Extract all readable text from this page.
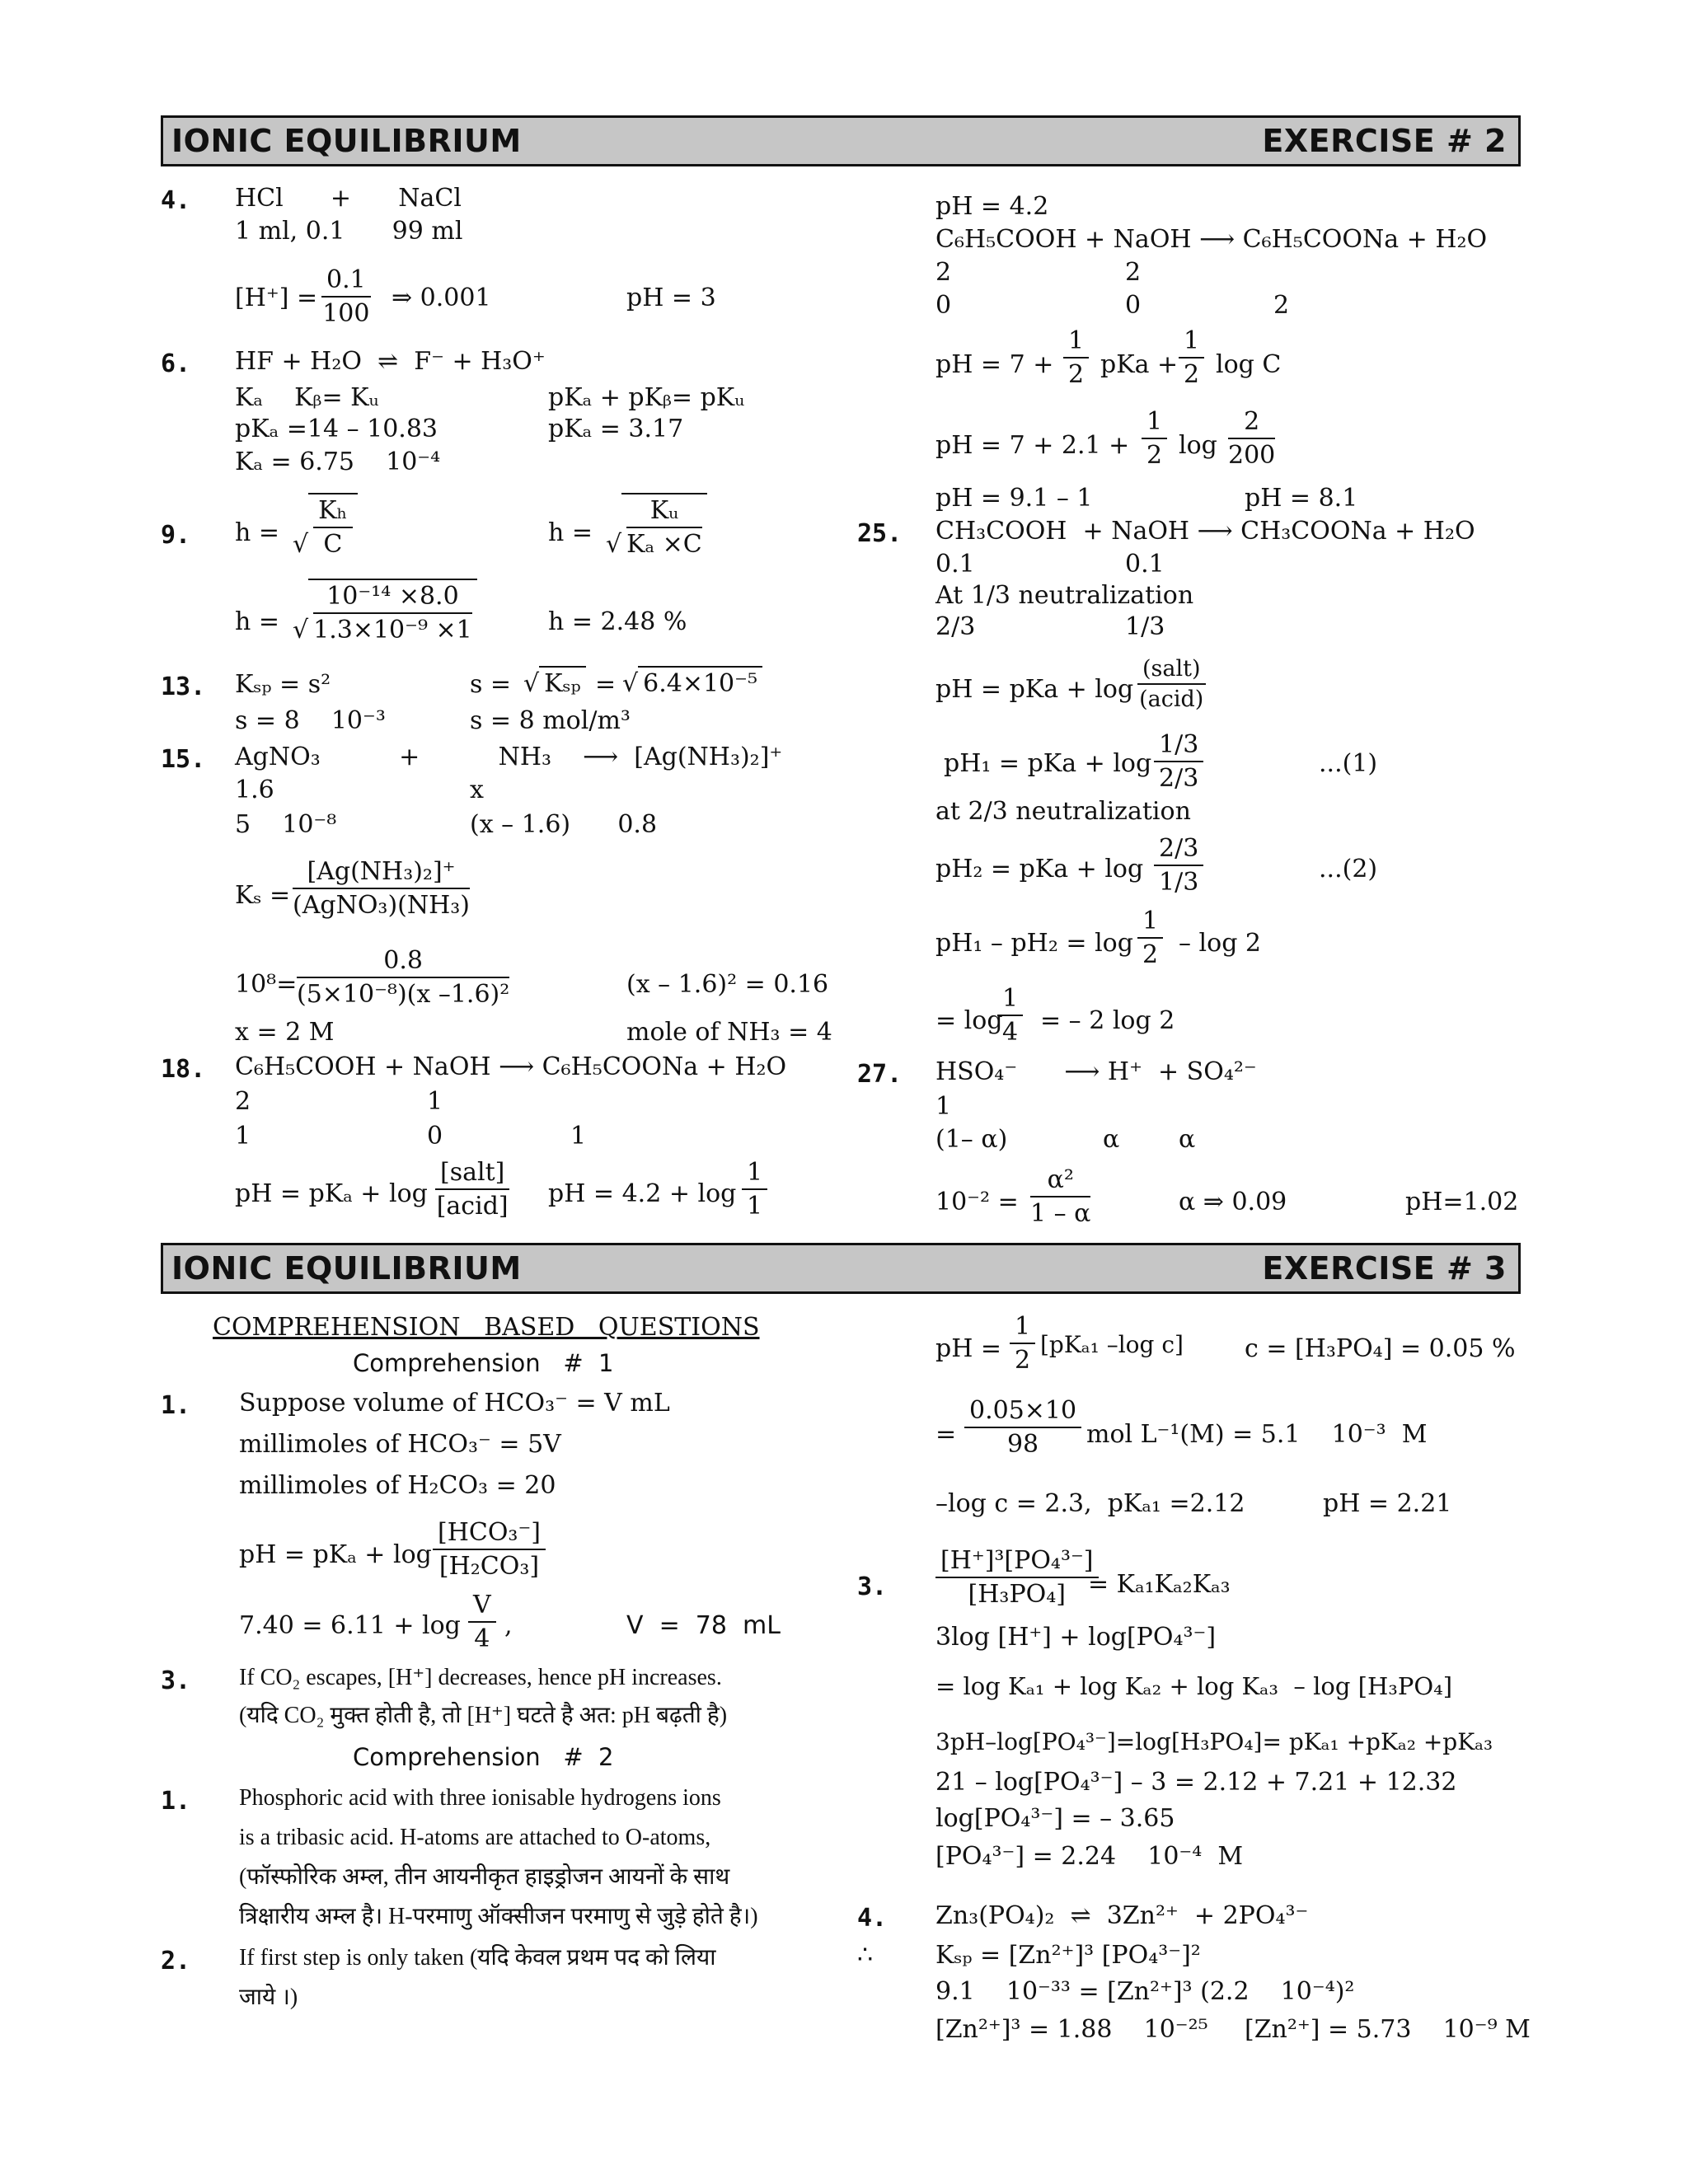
IONIC EQUILIBRIUM	EXERCISE # 2
4. HCl      +      NaCl
1 ml, 0.1      99 ml
$[H^+] = \frac{0.1}{100}$ ⇒ 0.001	pH = 3
6. HF + H₂O  ⇌  F⁻ + H₃O⁺
Kₐ    Kᵦ= Kᵤ	pKₐ + pKᵦ= pKᵤ
pKₐ =14 – 10.83	pKₐ = 3.17
Kₐ = 6.75    10⁻⁴
9. h = √ $\frac{\text{Kₕ}}{C}$	h = √ $\frac{\text{Kᵤ}}{\text{Kₐ ×C}}$
h = √ $\frac{\text{10⁻¹⁴ ×8.0}}{\text{1.3×10⁻⁹ ×1}}$	h = 2.48 %
13. Kₛₚ = s²	s = √ Kₛₚ = √ 6.4×10⁻⁵
s = 8    10⁻³	s = 8 mol/m³
15. AgNO₃          +          NH₃    ⟶  [Ag(NH₃)₂]⁺
1.6	x
5    10⁻⁸	(x – 1.6)      0.8
Kₛ =
[Ag(NH₃)₂]⁺
(AgNO₃)(NH₃)
$10^8= \frac{0.8}{\text{(5×10⁻⁸)(x –1.6)²}}$	(x – 1.6)² = 0.16
x = 2 M	mole of NH₃ = 4
18. C₆H₅COOH + NaOH ⟶ C₆H₅COONa + H₂O
2	1
1	0	1
pH = pKₐ + log
[salt]
[acid] pH = $4.2 + \log \frac{1}{1}$
pH = 4.2
C₆H₅COOH + NaOH ⟶ C₆H₅COONa + H₂O
2	2
0	0	2
pH = $7 + \frac{1}{2}$ pKa + $\frac{1}{2}$ log C
pH = $7 + 2.1 + \frac{1}{2}$ $\log \frac{2}{200}$
pH = 9.1 – 1	pH = 8.1
25. CH₃COOH  + NaOH ⟶ CH₃COONa + H₂O
0.1	0.1
At 1/3 neutralization
2/3	1/3
pH = pKa + log
(salt)
(acid)
pH₁ = pKa + $\log \frac{1/3}{2/3}$	...(1)
at 2/3 neutralization
pH₂ = pKa + $\log \frac{2/3}{1/3}$	...(2)
$pH_1 - pH_2 = \log \frac{1}{2} - \log 2$
= log
$\frac{1}{4}$ = – 2 log 2
27. HSO₄⁻      ⟶ H⁺  + SO₄²⁻
1
(1– α)	α α
$10^{-2} = \frac{\text{α²}}{1 - \alpha}$	α ⇒ 0.09	pH=1.02
IONIC EQUILIBRIUM	EXERCISE # 3
COMPREHENSION   BASED   QUESTIONS
Comprehension   #  1
1. Suppose volume of HCO₃⁻ = V mL
millimoles of HCO₃⁻ = 5V
millimoles of H₂CO₃ = 20
pH = pKₐ + log
[HCO₃⁻]
[H₂CO₃]
$7.40 = 6.11 + \log \frac{V}{4}$ ,	V  =  78  mL
3. If CO₂ escapes, [H⁺] decreases, hence pH increases.
(यदि CO₂ मुक्त होती है, तो [H⁺] घटते है अत: pH बढ़ती है)
Comprehension   #  2
1. Phosphoric acid with three ionisable hydrogens ions
is a tribasic acid. H-atoms are attached to O-atoms,
(फॉस्फोरिक अम्ल, तीन आयनीकृत हाइड्रोजन आयनों के साथ
त्रिक्षारीय अम्ल है। H-परमाणु ऑक्सीजन परमाणु से जुड़े होते है।)
2. If first step is only taken (यदि केवल प्रथम पद को लिया
जाये ।)
pH = $\frac{1}{2} [pK_{a1}$ –log c] c = [H₃PO₄] = 0.05 %
= $\frac{0.05\times 10}{98}$ mol L⁻¹(M) = 5.1    10⁻³  M
–log c = 2.3,  pKₐ₁ =2.12	pH = 2.21
3. $\frac{\text{[H⁺]³[PO₄³⁻]}}{\text{[H₃PO₄]}}$
= Kₐ₁Kₐ₂Kₐ₃
3log [H⁺] + log[PO₄³⁻]
= log Kₐ₁ + log Kₐ₂ + log Kₐ₃  – log [H₃PO₄]
3pH–log[PO₄³⁻]=log[H₃PO₄]= pKₐ₁ +pKₐ₂ +pKₐ₃
21 – log[PO₄³⁻] – 3 = 2.12 + 7.21 + 12.32
log[PO₄³⁻] = – 3.65
[PO₄³⁻] = 2.24    10⁻⁴  M
4. Zn₃(PO₄)₂  ⇌  3Zn²⁺  + 2PO₄³⁻
∴	Kₛₚ = [Zn²⁺]³ [PO₄³⁻]²
9.1    10⁻³³ = [Zn²⁺]³ (2.2    10⁻⁴)²
[Zn²⁺]³ = 1.88    10⁻²⁵ [Zn²⁺] = 5.73    10⁻⁹ M
